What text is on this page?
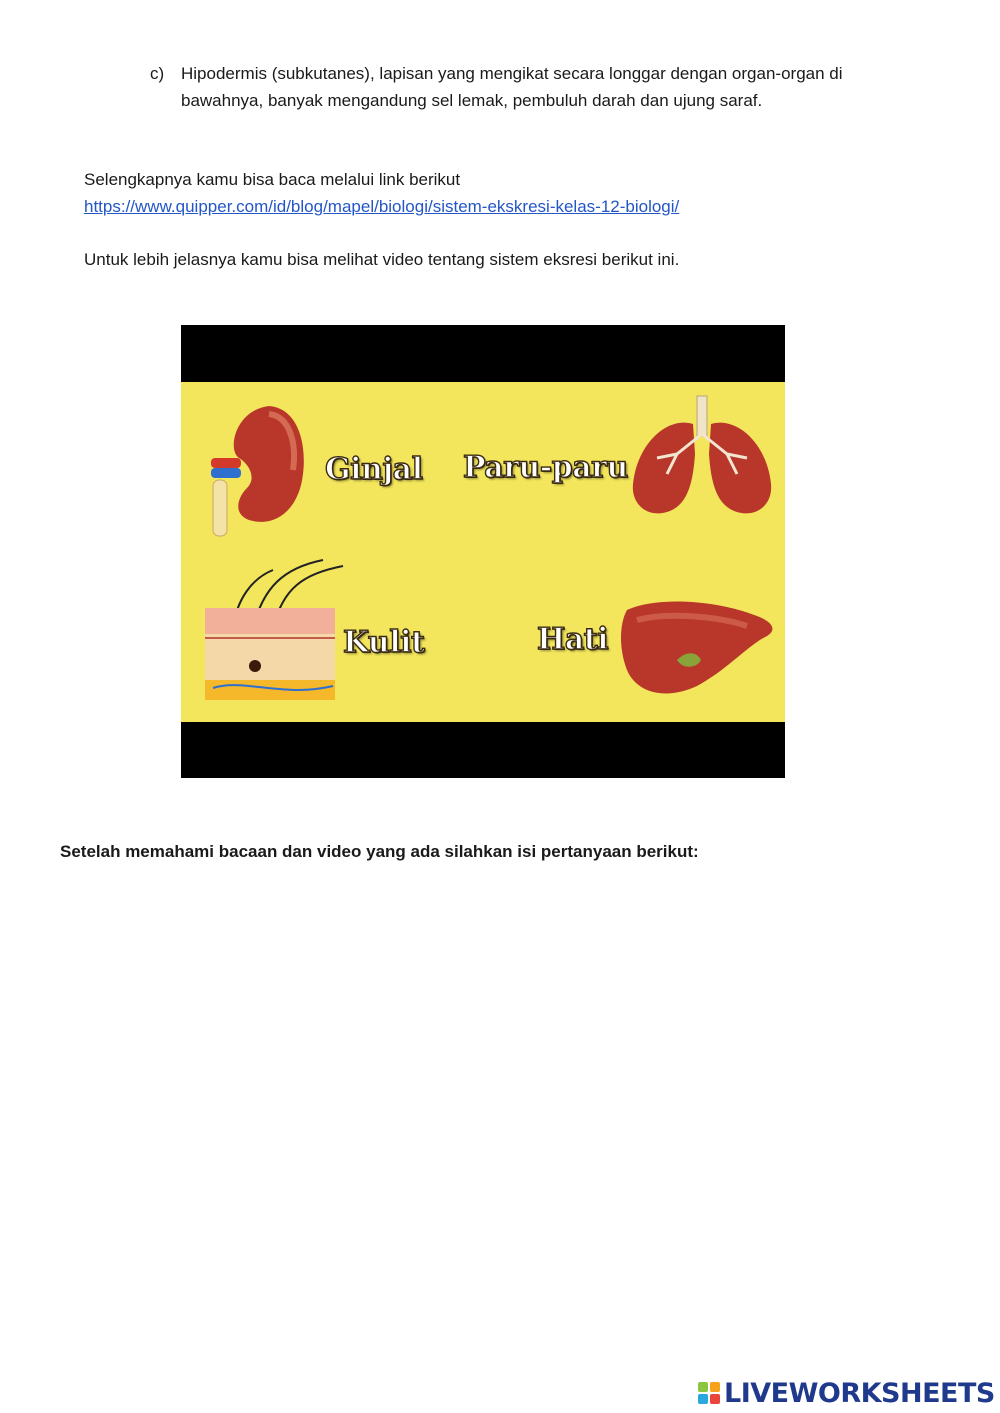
c) Hipodermis (subkutanes), lapisan yang mengikat secara longgar dengan organ-organ di bawahnya, banyak mengandung sel lemak, pembuluh darah dan ujung saraf.
Selengkapnya kamu bisa baca melalui link berikut
https://www.quipper.com/id/blog/mapel/biologi/sistem-ekskresi-kelas-12-biologi/
Untuk lebih jelasnya kamu bisa melihat video tentang sistem eksresi berikut ini.
Ginjal Paru-paru
Kulit	Hati
Setelah memahami bacaan dan video yang ada silahkan isi pertanyaan berikut:
LIVEWORKSHEETS
